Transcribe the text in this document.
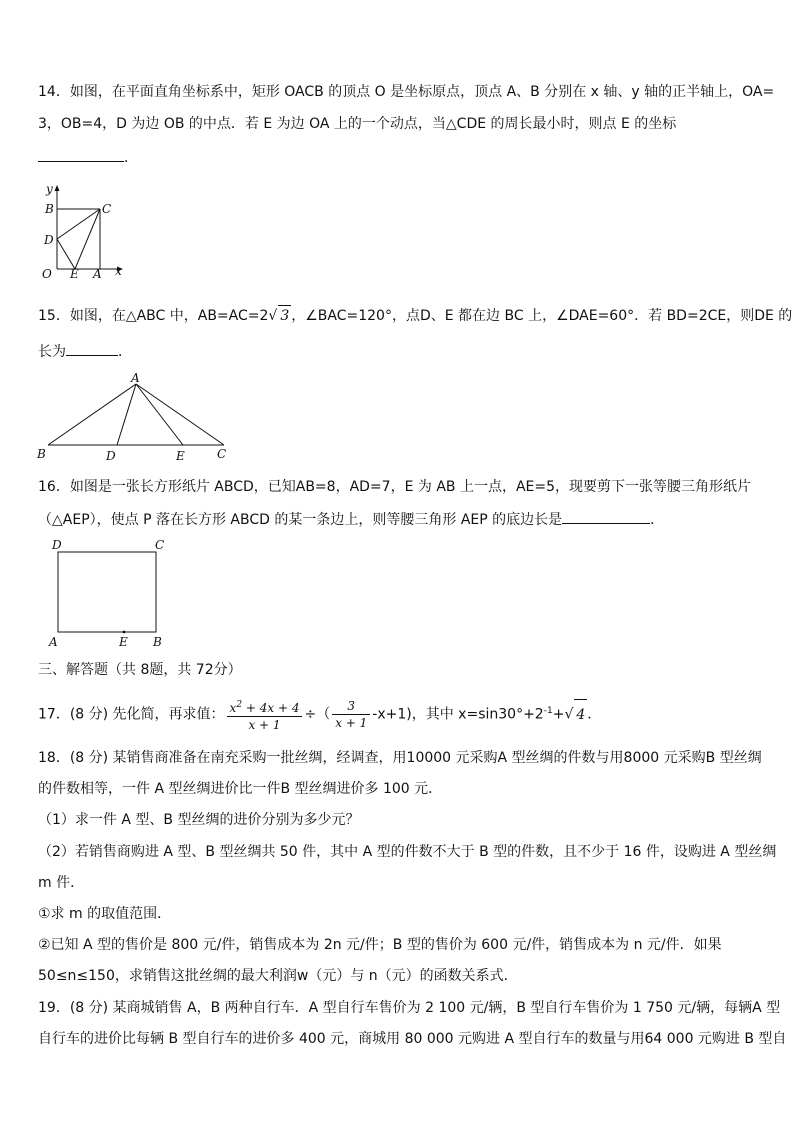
14．如图，在平面直角坐标系中，矩形 OACB 的顶点 O 是坐标原点，顶点 A、B 分别在 x 轴、y 轴的正半轴上，OA=
3，OB=4，D 为边 OB 的中点．若 E 为边 OA 上的一个动点，当△CDE 的周长最小时，则点 E 的坐标
．
y
B	C
D
O E A x
15．如图，在△ABC 中，AB=AC=2√ 3 ，∠BAC=120°，点D、E 都在边 BC 上，∠DAE=60°．若 BD=2CE，则DE 的
长为	．
A
B	D	E	C
16．如图是一张长方形纸片 ABCD，已知AB=8，AD=7，E 为 AB 上一点，AE=5，现要剪下一张等腰三角形纸片
（△AEP），使点 P 落在长方形 ABCD 的某一条边上，则等腰三角形 AEP 的底边长是	．
D	C
A	E B
三、解答题（共 8题，共 72分）
17．(8 分) 先化简，再求值： $\frac{x^2 + 4x + 4}{x + 1}$ ÷（ $\frac{3}{x + 1} -x+1$)，其中 $x=\sin 30^\circ+2^{-1}+√$ 4 ．
18．(8 分) 某销售商准备在南充采购一批丝绸，经调查，用10000 元采购A 型丝绸的件数与用8000 元采购B 型丝绸
的件数相等，一件 A 型丝绸进价比一件B 型丝绸进价多 100 元．
（1）求一件 A 型、B 型丝绸的进价分别为多少元？
（2）若销售商购进 A 型、B 型丝绸共 50 件，其中 A 型的件数不大于 B 型的件数，且不少于 16 件，设购进 A 型丝绸
m 件．
①求 m 的取值范围．
②已知 A 型的售价是 800 元/件，销售成本为 2n 元/件；B 型的售价为 600 元/件，销售成本为 n 元/件．如果
50≤n≤150，求销售这批丝绸的最大利润w（元）与 n（元）的函数关系式．
19．(8 分) 某商城销售 A，B 两种自行车．A 型自行车售价为 2 100 元/辆，B 型自行车售价为 1 750 元/辆，每辆A 型
自行车的进价比每辆 B 型自行车的进价多 400 元，商城用 80 000 元购进 A 型自行车的数量与用64 000 元购进 B 型自
